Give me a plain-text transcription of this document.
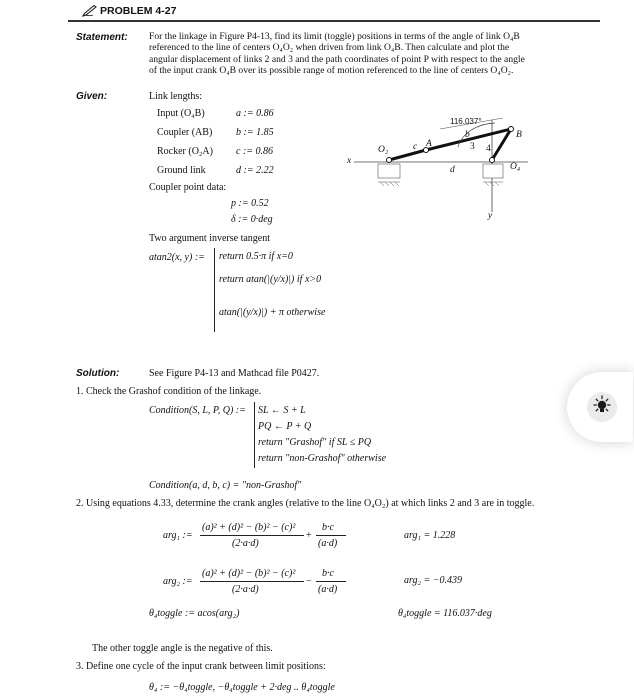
PROBLEM 4-27
Statement: For the linkage in Figure P4-13, find its limit (toggle) positions in terms of the angle of link O₄B
referenced to the line of centers O₄O₂ when driven from link O₄B. Then calculate and plot the
angular displacement of links 2 and 3 and the path coordinates of point P with respect to the angle
of the input crank O₄B over its possible range of motion referenced to the line of centers O₄O₂.
Given:	Link lengths:
Input (O₄B)	a := 0.86
Coupler (AB) b := 1.85
Rocker (O₂A) c := 0.86
Ground link	d := 2.22
Coupler point data:
p := 0.52
δ := 0·deg
Two argument inverse tangent
atan2(x, y) := return 0.5·π if x=0
return atan(|(y/x)|) if x>0
atan(|(y/x)|) + π otherwise
x
O₂	c A
b
3 4
B
O₄
d
y
116.037°
Solution:	See Figure P4-13 and Mathcad file P0427.
1. Check the Grashof condition of the linkage.
Condition(S, L, P, Q) := SL ← S + L
PQ ← P + Q
return "Grashof" if SL ≤ PQ
return "non-Grashof" otherwise
Condition(a, d, b, c) = "non-Grashof"
2. Using equations 4.33, determine the crank angles (relative to the line O₄O₂) at which links 2 and 3 are in toggle.
arg₁ :=
(a)² + (d)² − (b)² − (c)²
(2·a·d)
+
b·c
(a·d)
arg₁ = 1.228
arg₂ :=
(a)² + (d)² − (b)² − (c)²
(2·a·d)
−
b·c
(a·d)
arg₂ = −0.439
θ₄toggle := acos(arg₂)	θ₄toggle = 116.037·deg
The other toggle angle is the negative of this.
3. Define one cycle of the input crank between limit positions:
θ₄ := −θ₄toggle, −θ₄toggle + 2·deg .. θ₄toggle
